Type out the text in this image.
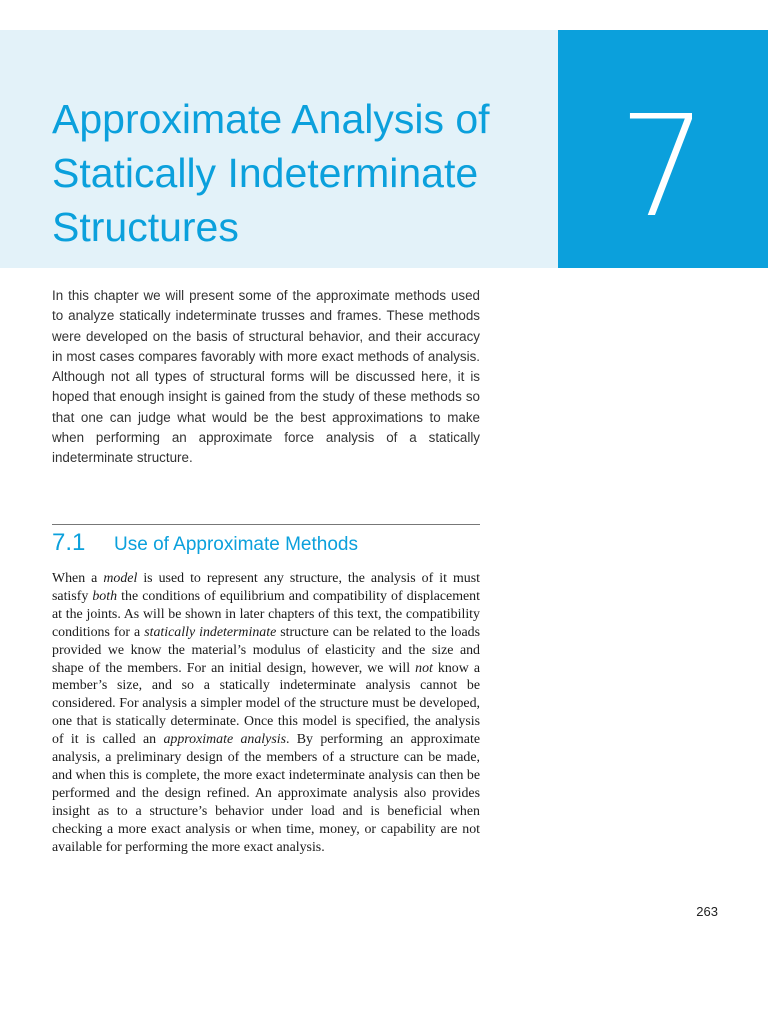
7
Approximate Analysis of
Statically Indeterminate
Structures

In this chapter we will present some of the approximate methods used to analyze statically indeterminate trusses and frames. These methods were developed on the basis of structural behavior, and their accuracy in most cases compares favorably with more exact methods of analysis. Although not all types of structural forms will be discussed here, it is hoped that enough insight is gained from the study of these methods so that one can judge what would be the best approximations to make when performing an approximate force analysis of a statically indeterminate structure.

7.1 Use of Approximate Methods

When a model is used to represent any structure, the analysis of it must satisfy both the conditions of equilibrium and compatibility of displacement at the joints. As will be shown in later chapters of this text, the compatibility conditions for a statically indeterminate structure can be related to the loads provided we know the material’s modulus of elasticity and the size and shape of the members. For an initial design, however, we will not know a member’s size, and so a statically indeterminate analysis cannot be considered. For analysis a simpler model of the structure must be developed, one that is statically determinate. Once this model is specified, the analysis of it is called an approximate analysis. By performing an approximate analysis, a preliminary design of the members of a structure can be made, and when this is complete, the more exact indeterminate analysis can then be performed and the design refined. An approximate analysis also provides insight as to a structure’s behavior under load and is beneficial when checking a more exact analysis or when time, money, or capability are not available for performing the more exact analysis.

263
